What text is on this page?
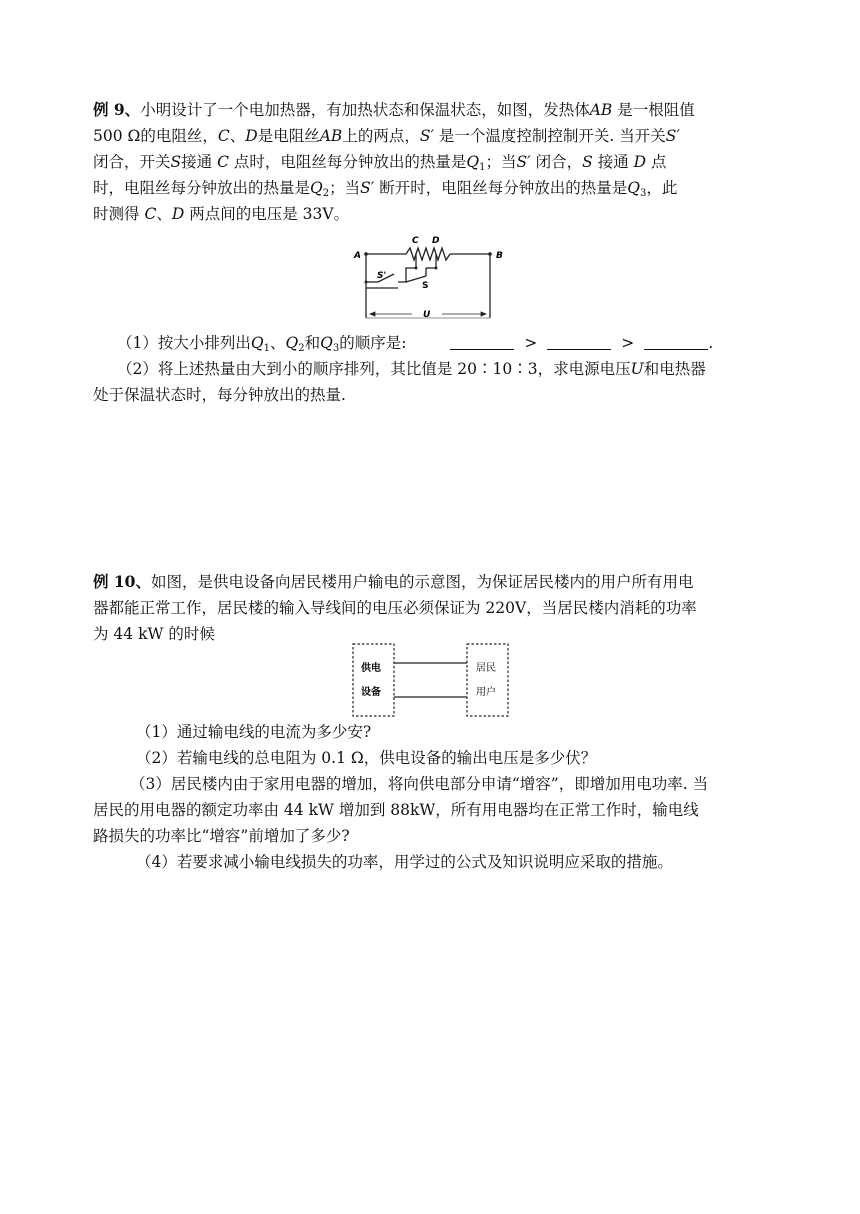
例 9、小明设计了一个电加热器，有加热状态和保温状态，如图，发热体AB 是一根阻值
500 Ω的电阻丝，C、D是电阻丝AB上的两点，S′ 是一个温度控制控制开关. 当开关S′
闭合，开关S接通 C 点时，电阻丝每分钟放出的热量是$Q_1$；当S′ 闭合，S 接通 D 点
时，电阻丝每分钟放出的热量是$Q_2$；当S′ 断开时，电阻丝每分钟放出的热量是$Q_3$，此
时测得 C、D 两点间的电压是 33V。
A	B
C D
S'
S
U
（1）按大小排列出$Q_1$、$Q_2$和$Q_3$的顺序是:	>	>	.
（2）将上述热量由大到小的顺序排列，其比值是 20∶10∶3，求电源电压U和电热器
处于保温状态时，每分钟放出的热量.
例 10、如图，是供电设备向居民楼用户输电的示意图，为保证居民楼内的用户所有用电
器都能正常工作，居民楼的输入导线间的电压必须保证为 220V，当居民楼内消耗的功率
为 44 kW 的时候
供电
设备
居民
用户
（1）通过输电线的电流为多少安?
（2）若输电线的总电阻为 0.1 Ω，供电设备的输出电压是多少伏？
（3）居民楼内由于家用电器的增加，将向供电部分申请“增容”，即增加用电功率. 当
居民的用电器的额定功率由 44 kW 增加到 88kW，所有用电器均在正常工作时，输电线
路损失的功率比“增容”前增加了多少?
（4）若要求减小输电线损失的功率，用学过的公式及知识说明应采取的措施。
